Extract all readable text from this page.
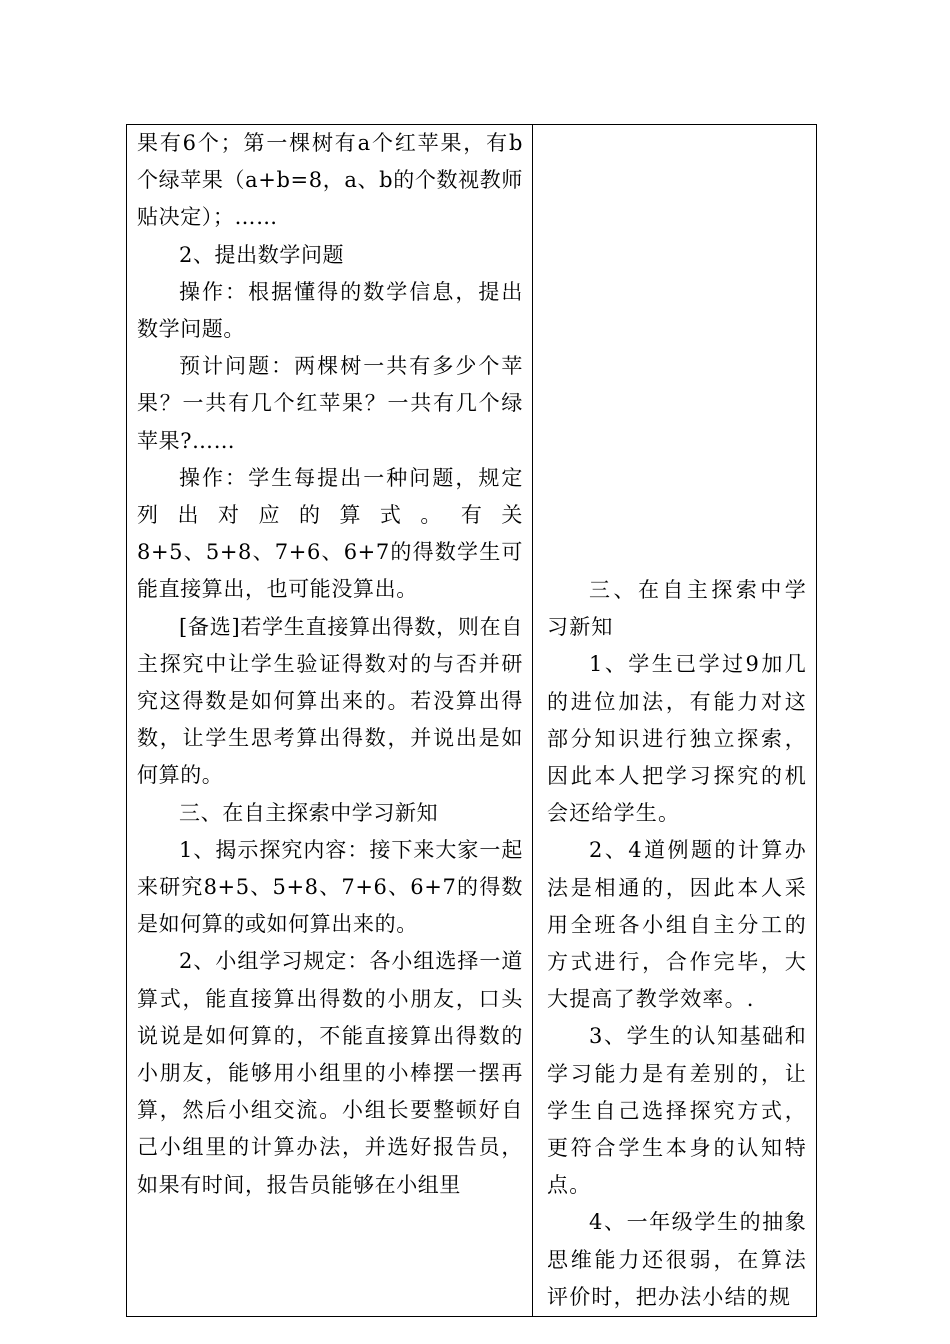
果有6个；第一棵树有a个红苹果，有b个绿苹果（a+b=8，a、b的个数视教师贴决定）；……

2、提出数学问题

操作：根据懂得的数学信息，提出数学问题。

预计问题：两棵树一共有多少个苹果？一共有几个红苹果？一共有几个绿苹果?……

操作：学生每提出一种问题，规定

列出对应的算式。有关

8+5、5+8、7+6、6+7的得数学生可能直接算出，也可能没算出。

[备选]若学生直接算出得数，则在自主探究中让学生验证得数对的与否并研究这得数是如何算出来的。若没算出得数，让学生思考算出得数，并说出是如何算的。

三、在自主探索中学习新知

1、揭示探究内容：接下来大家一起来研究8+5、5+8、7+6、6+7的得数是如何算的或如何算出来的。

2、小组学习规定：各小组选择一道算式，能直接算出得数的小朋友，口头说说是如何算的，不能直接算出得数的小朋友，能够用小组里的小棒摆一摆再算，然后小组交流。小组长要整顿好自己小组里的计算办法，并选好报告员，如果有时间，报告员能够在小组里

三、在自主探索中学习新知

1、学生已学过9加几的进位加法，有能力对这部分知识进行独立探索，因此本人把学习探究的机会还给学生。

2、4道例题的计算办法是相通的，因此本人采用全班各小组自主分工的方式进行，合作完毕，大大提高了教学效率。.

3、学生的认知基础和学习能力是有差别的，让学生自己选择探究方式，更符合学生本身的认知特点。

4、一年级学生的抽象思维能力还很弱，在算法评价时，把办法小结的规
